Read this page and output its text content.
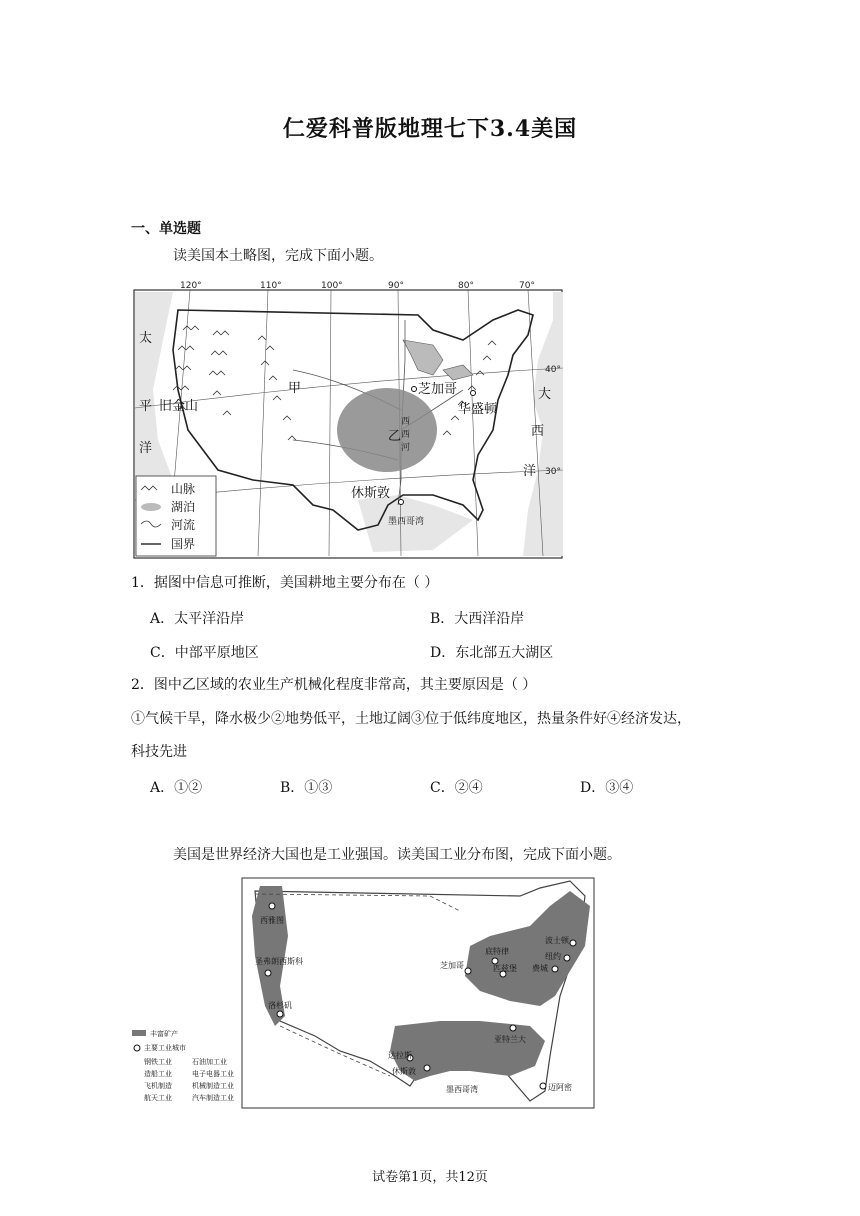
仁爱科普版地理七下3.4美国
一、单选题
读美国本土略图，完成下面小题。
120°	110°	100°	90°	80°	70°
40°
30°
太
平
洋
大
西
洋
旧金山
甲
乙
芝加哥
华盛顿
休斯敦
西
西
河
墨西哥湾
山脉
湖泊
河流
国界
1．据图中信息可推断，美国耕地主要分布在（ ）
A．太平洋沿岸	B．大西洋沿岸
C．中部平原地区	D．东北部五大湖区
2．图中乙区域的农业生产机械化程度非常高，其主要原因是（ ）
①气候干旱，降水极少②地势低平，土地辽阔③位于低纬度地区，热量条件好④经济发达，
科技先进
A．①②	B．①③	C．②④	D．③④
美国是世界经济大国也是工业强国。读美国工业分布图，完成下面小题。
西雅图
圣弗朗西斯科
洛杉矶
芝加哥
底特律
匹兹堡
波士顿
纽约
费城
达拉斯
休斯敦
亚特兰大
迈阿密
墨西哥湾
丰富矿产
主要工业城市
钢铁工业	石油加工业
造船工业	电子电器工业
飞机制造	机械制造工业
航天工业	汽车制造工业
试卷第1页，共12页
